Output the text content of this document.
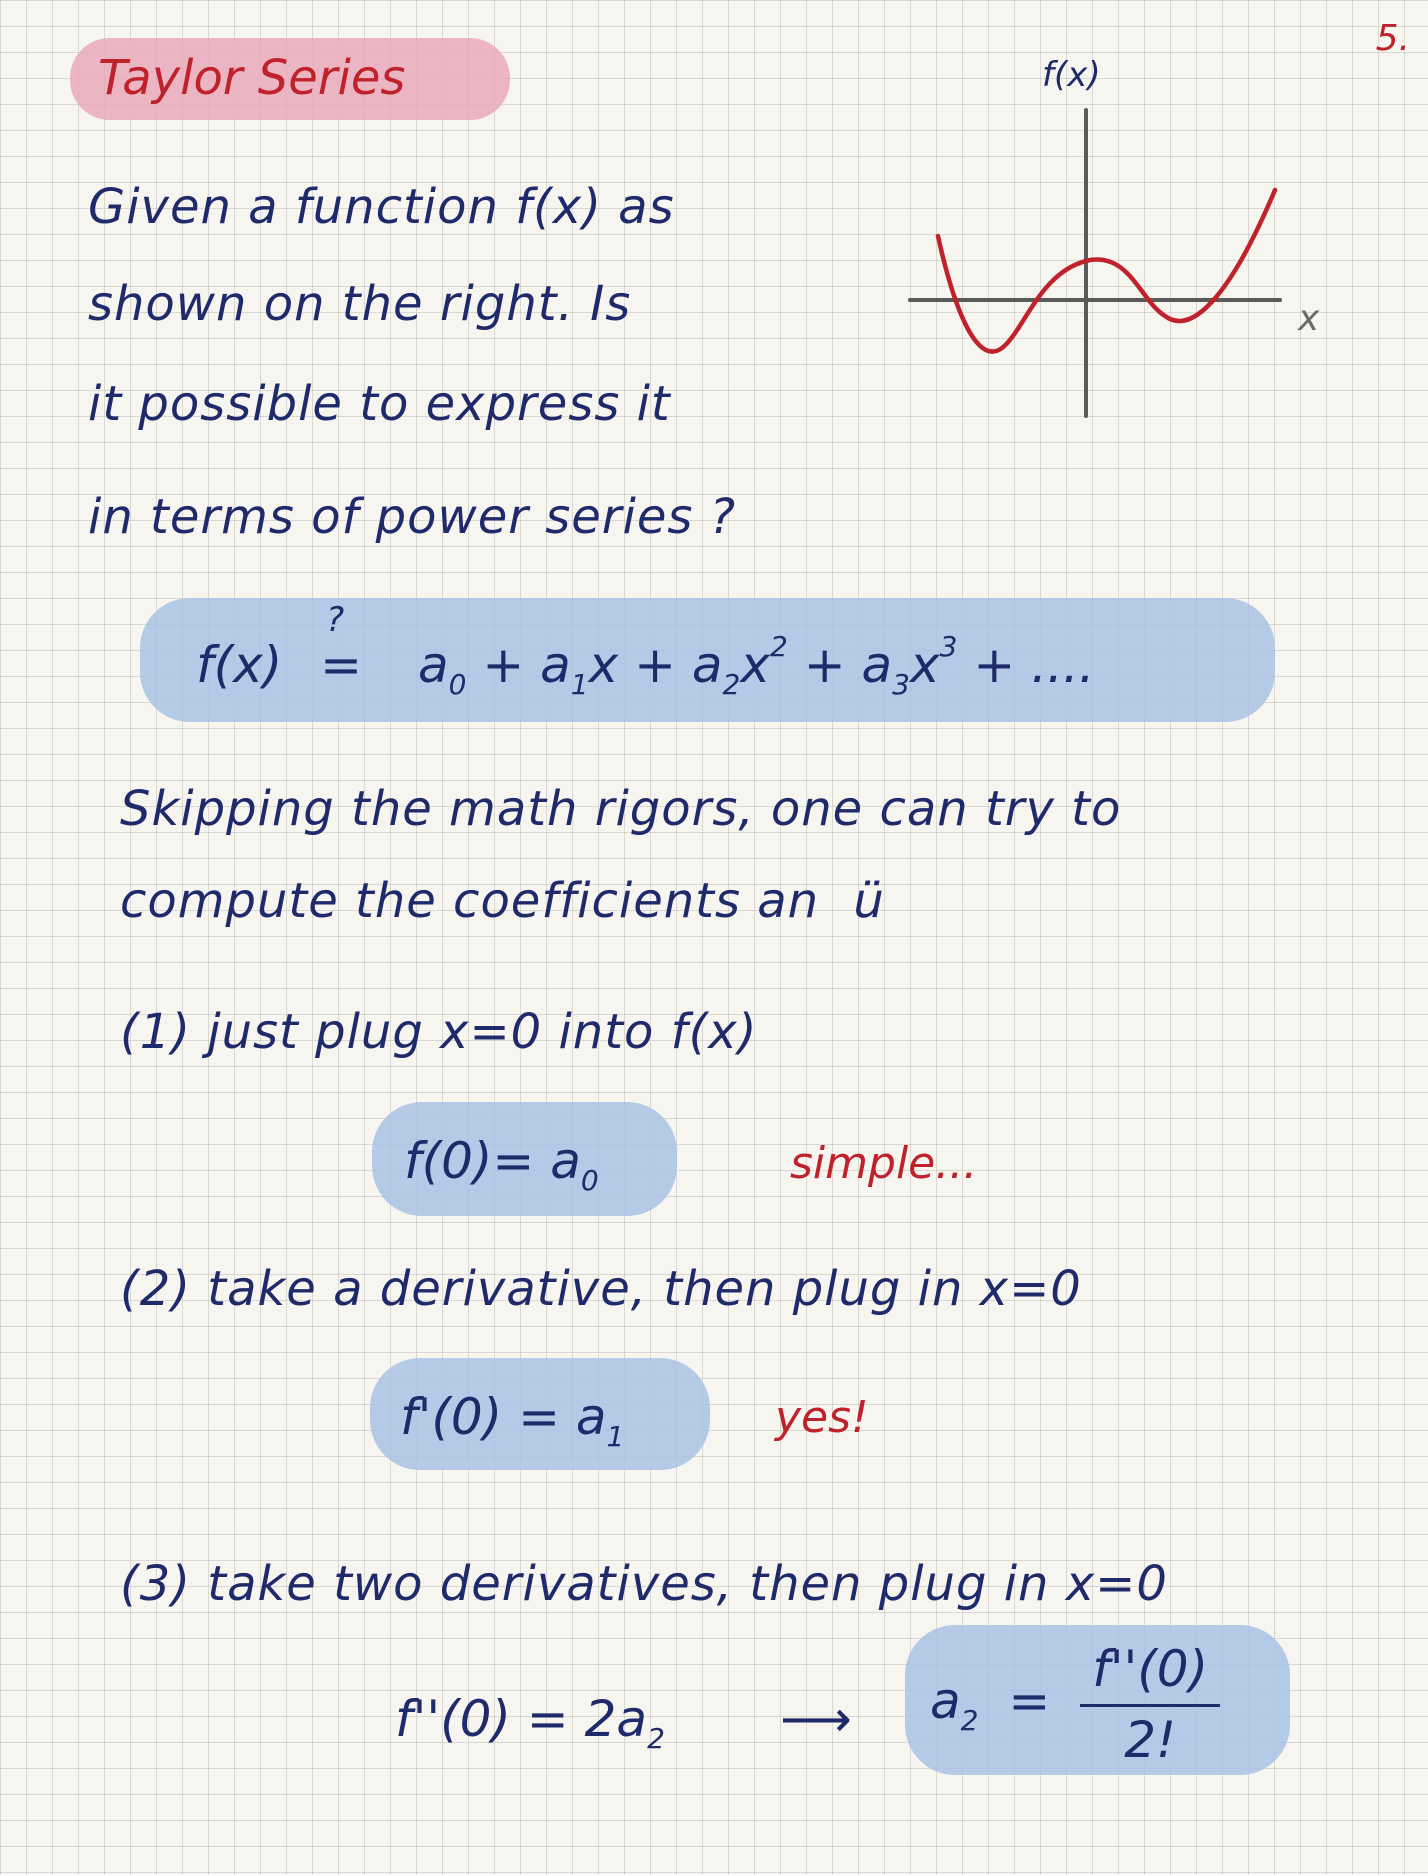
5.
Taylor Series
Given a function f(x) as
shown on the right. Is
it possible to express it
in terms of power series ?
f(x)
x
f(x)
?
= $a_0 + a_1x + a_2x^2 + a_3x^3$ + ....
Skipping the math rigors, one can try to
compute the coefficients an ü
(1) just plug x=0 into f(x)
$f(0)= a_0$	simple...
(2) take a derivative, then plug in x=0
$f'(0) = a_1$	yes!
(3) take two derivatives, then plug in x=0
$f''(0) = 2a_2$ ⟶ $a_2 = \frac{f''(0)}{2!}$
